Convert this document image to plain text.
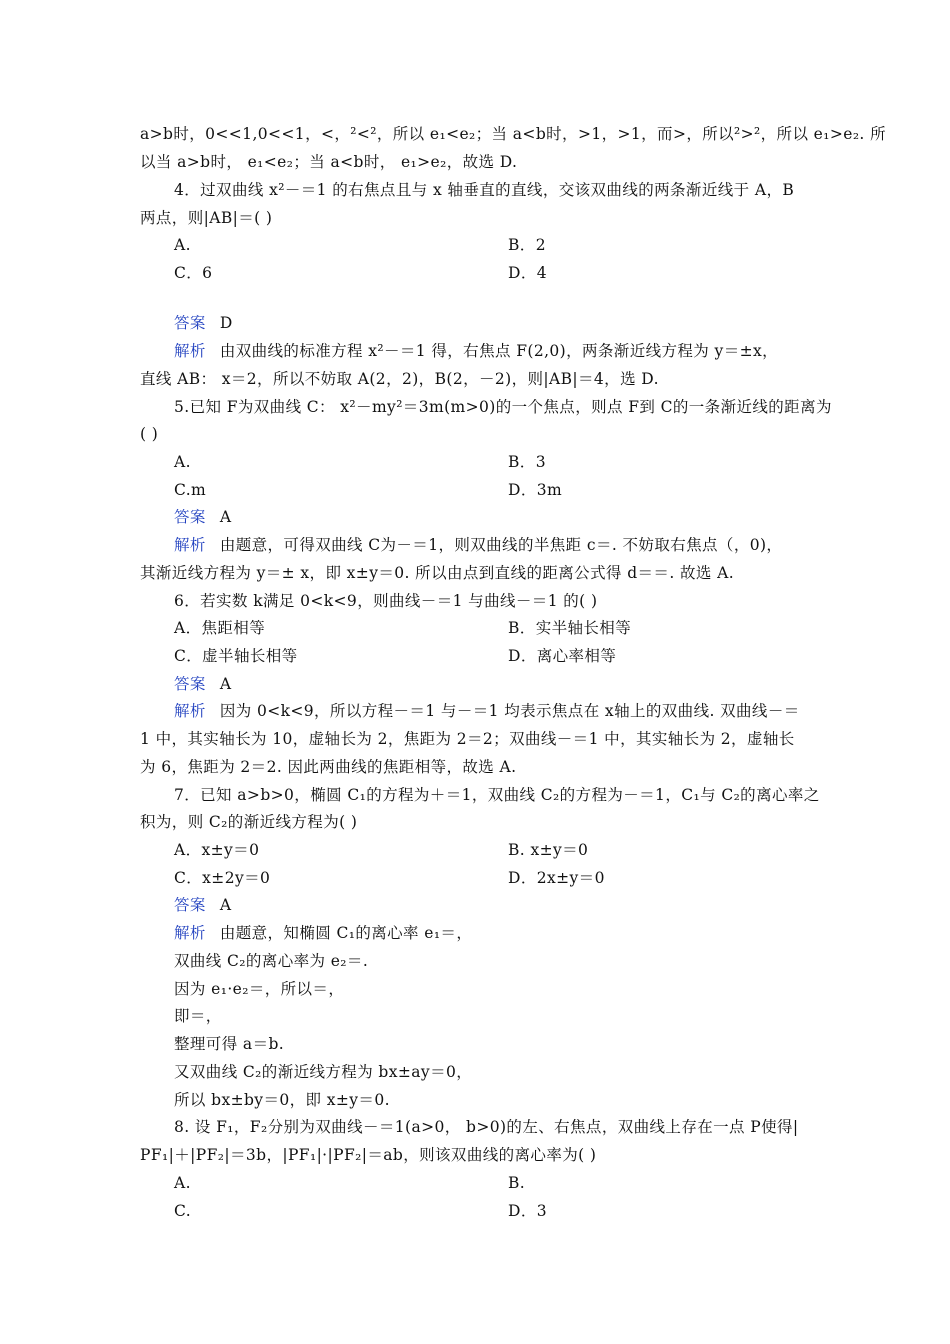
a>b时，0<<1,0<<1，<，²<²，所以 e₁<e₂；当 a<b时，>1，>1，而>，所以²>²，所以 e₁>e₂. 所
以当 a>b时， e₁<e₂；当 a<b时， e₁>e₂，故选 D.
4．过双曲线 x²－＝1 的右焦点且与 x 轴垂直的直线，交该双曲线的两条渐近线于 A，B
两点，则|AB|＝( )
A.	B．2
C．6	D．4
答案 D
解析 由双曲线的标准方程 x²－＝1 得，右焦点 F(2,0)，两条渐近线方程为 y＝±x，
直线 AB： x＝2，所以不妨取 A(2，2)，B(2，－2)，则|AB|＝4，选 D.
5.已知 F为双曲线 C： x²－my²＝3m(m>0)的一个焦点，则点 F到 C的一条渐近线的距离为
( )
A.	B．3
C.m	D．3m
答案 A
解析 由题意，可得双曲线 C为－＝1，则双曲线的半焦距 c＝. 不妨取右焦点（，0)，
其渐近线方程为 y＝± x，即 x±y＝0. 所以由点到直线的距离公式得 d＝＝. 故选 A.
6．若实数 k满足 0<k<9，则曲线－＝1 与曲线－＝1 的( )
A．焦距相等	B．实半轴长相等
C．虚半轴长相等	D．离心率相等
答案 A
解析 因为 0<k<9，所以方程－＝1 与－＝1 均表示焦点在 x轴上的双曲线. 双曲线－＝
1 中，其实轴长为 10，虚轴长为 2，焦距为 2＝2；双曲线－＝1 中，其实轴长为 2，虚轴长
为 6，焦距为 2＝2. 因此两曲线的焦距相等，故选 A.
7．已知 a>b>0，椭圆 C₁的方程为＋＝1，双曲线 C₂的方程为－＝1，C₁与 C₂的离心率之
积为，则 C₂的渐近线方程为( )
A．x±y＝0	B. x±y＝0
C．x±2y＝0	D．2x±y＝0
答案 A
解析 由题意，知椭圆 C₁的离心率 e₁＝，
双曲线 C₂的离心率为 e₂＝.
因为 e₁·e₂＝，所以＝，
即＝，
整理可得 a＝b.
又双曲线 C₂的渐近线方程为 bx±ay＝0，
所以 bx±by＝0，即 x±y＝0.
8. 设 F₁，F₂分别为双曲线－＝1(a>0， b>0)的左、右焦点，双曲线上存在一点 P使得|
PF₁|＋|PF₂|＝3b，|PF₁|·|PF₂|＝ab，则该双曲线的离心率为( )
A.	B.
C.	D．3
